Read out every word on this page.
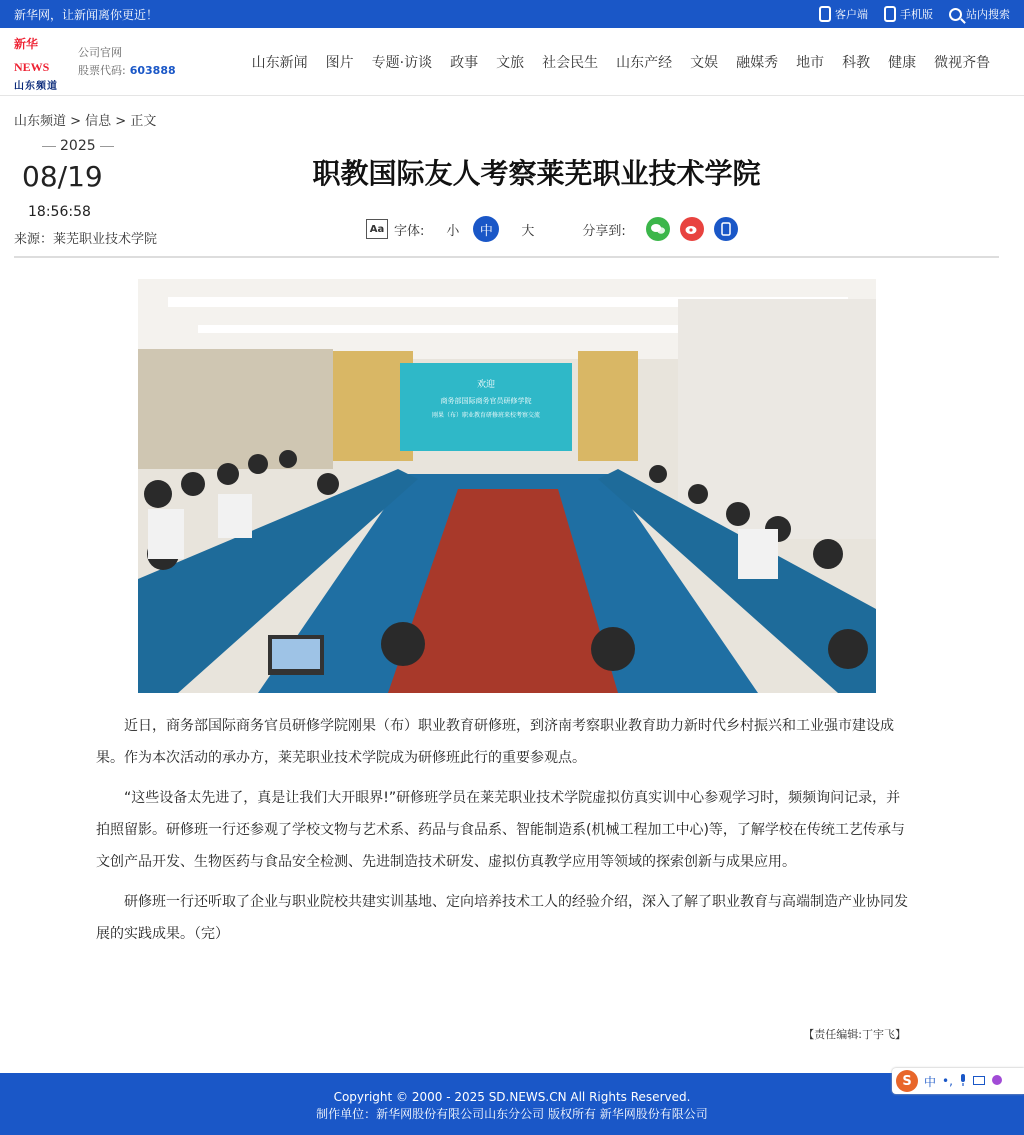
新华网，让新闻离你更近！	客户端	手机版	站内搜索
新华NEWS
山东频道
公司官网
股票代码: 603888	山东新闻 图片 专题·访谈 政事 文旅 社会民生 山东产经 文娱 融媒秀 地市 科教 健康 微视齐鲁
山东频道 > 信息 > 正文
2025
08/19
18:56:58
来源：莱芜职业技术学院
职教国际友人考察莱芜职业技术学院
Aa 字体: 小	中	大	分享到:
欢迎
商务部国际商务官员研修学院
刚果（布）职业教育研修班来校考察交流

近日，商务部国际商务官员研修学院刚果（布）职业教育研修班，到济南考察职业教育助力新时代乡村振兴和工业强市建设成果。作为本次活动的承办方，莱芜职业技术学院成为研修班此行的重要参观点。

“这些设备太先进了，真是让我们大开眼界!”研修班学员在莱芜职业技术学院虚拟仿真实训中心参观学习时，频频询问记录，并拍照留影。研修班一行还参观了学校文物与艺术系、药品与食品系、智能制造系(机械工程加工中心)等，了解学校在传统工艺传承与文创产品开发、生物医药与食品安全检测、先进制造技术研发、虚拟仿真教学应用等领域的探索创新与成果应用。

研修班一行还听取了企业与职业院校共建实训基地、定向培养技术工人的经验介绍，深入了解了职业教育与高端制造产业协同发展的实践成果。（完）

【责任编辑:丁宇飞】
Copyright © 2000 - 2025 SD.NEWS.CN All Rights Reserved.
制作单位：新华网股份有限公司山东分公司 版权所有 新华网股份有限公司
S	中 •,
